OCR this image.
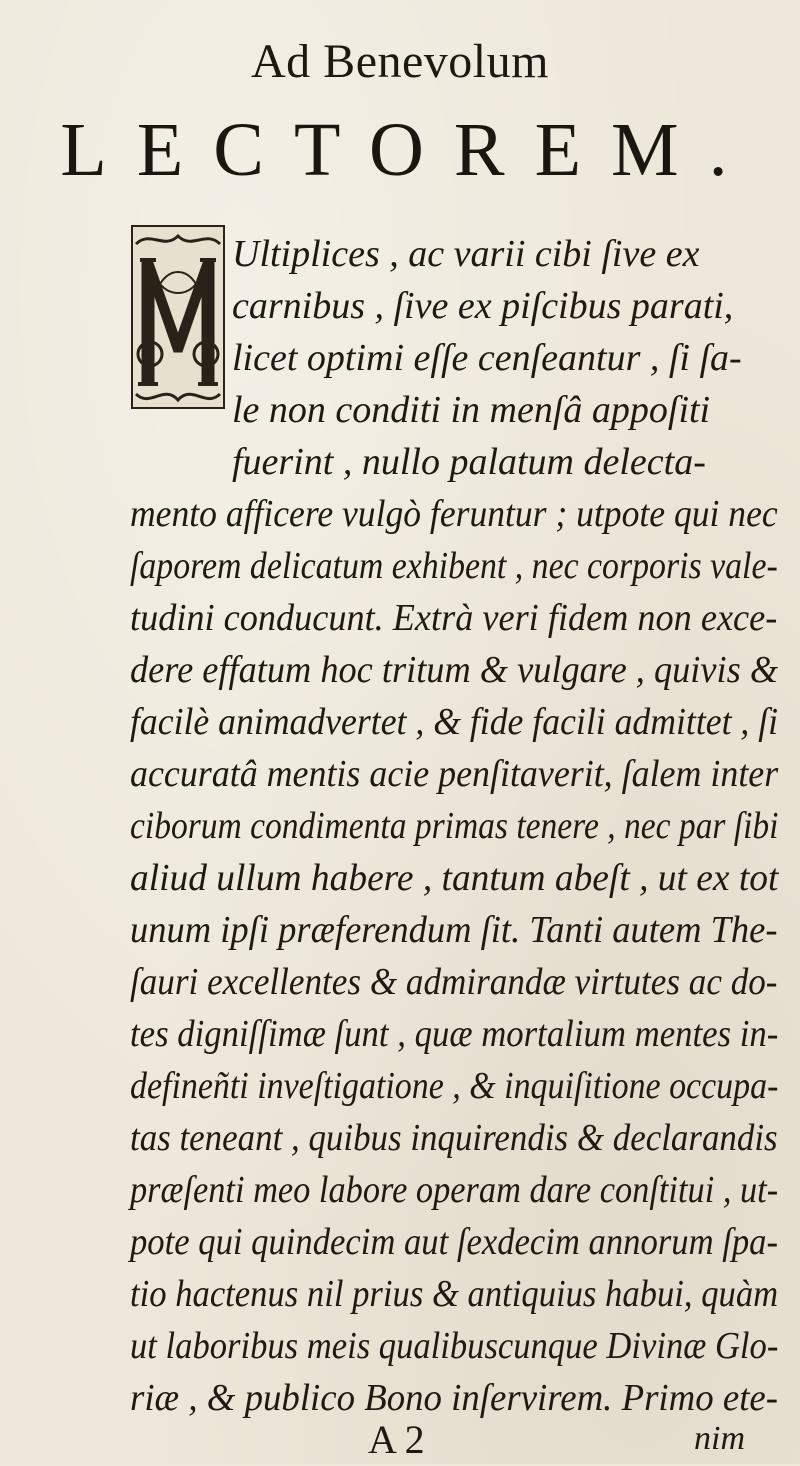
Ad Benevolum
LECTOREM.
Ultiplices , ac varii cibi ſive ex
carnibus , ſive ex piſcibus parati,
licet optimi eſſe cenſeantur , ſi ſa-
le non conditi in menſâ appoſiti
fuerint , nullo palatum delecta-
mento afficere vulgò feruntur ; utpote qui nec
ſaporem delicatum exhibent , nec corporis vale-
tudini conducunt. Extrà veri fidem non exce-
dere effatum hoc tritum & vulgare , quivis &
facilè animadvertet , & fide facili admittet , ſi
accuratâ mentis acie penſitaverit, ſalem inter
ciborum condimenta primas tenere , nec par ſibi
aliud ullum habere , tantum abeſt , ut ex tot
unum ipſi præferendum ſit. Tanti autem The-
ſauri excellentes & admirandæ virtutes ac do-
tes digniſſimæ ſunt , quæ mortalium mentes in-
defineñti inveſtigatione , & inquiſitione occupa-
tas teneant , quibus inquirendis & declarandis
præſenti meo labore operam dare conſtitui , ut-
pote qui quindecim aut ſexdecim annorum ſpa-
tio hactenus nil prius & antiquius habui, quàm
ut laboribus meis qualibuscunque Divinæ Glo-
riæ , & publico Bono inſervirem. Primo ete-
A 2	nim
